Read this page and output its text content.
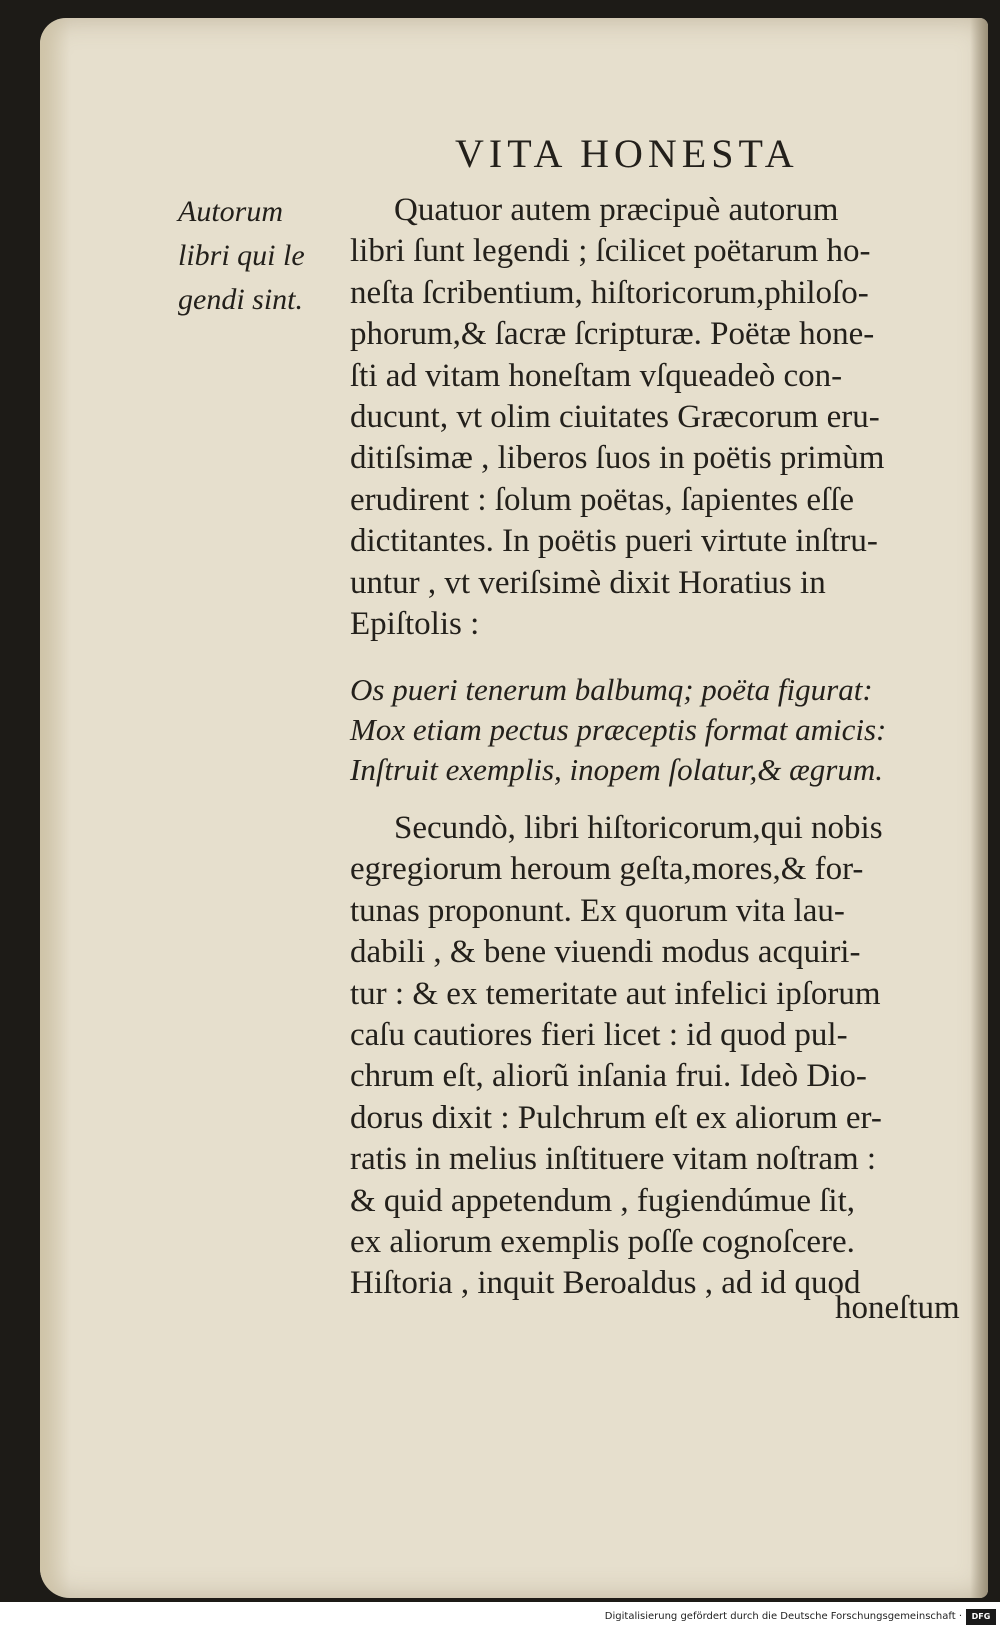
VITA HONESTA
Autorum
libri qui le
gendi sint.
Quatuor autem præcipuè autorum
libri ſunt legendi ; ſcilicet poëtarum ho-
neſta ſcribentium, hiſtoricorum,philoſo-
phorum,& ſacræ ſcripturæ. Poëtæ hone-
ſti ad vitam honeſtam vſqueadeò con-
ducunt, vt olim ciuitates Græcorum eru-
ditiſsimæ , liberos ſuos in poëtis primùm
erudirent : ſolum poëtas, ſapientes eſſe
dictitantes. In poëtis pueri virtute inſtru-
untur , vt veriſsimè dixit Horatius in
Epiſtolis :
Os pueri tenerum balbumq; poëta figurat:
Mox etiam pectus præceptis format amicis:
Inſtruit exemplis, inopem ſolatur,& ægrum.
Secundò, libri hiſtoricorum,qui nobis
egregiorum heroum geſta,mores,& for-
tunas proponunt. Ex quorum vita lau-
dabili , & bene viuendi modus acquiri-
tur : & ex temeritate aut infelici ipſorum
caſu cautiores fieri licet : id quod pul-
chrum eſt, aliorũ inſania frui. Ideò Dio-
dorus dixit : Pulchrum eſt ex aliorum er-
ratis in melius inſtituere vitam noſtram :
& quid appetendum , fugiendúmue ſit,
ex aliorum exemplis poſſe cognoſcere.
Hiſtoria , inquit Beroaldus , ad id quod
honeſtum
Digitalisierung gefördert durch die Deutsche Forschungsgemeinschaft ·	DFG
